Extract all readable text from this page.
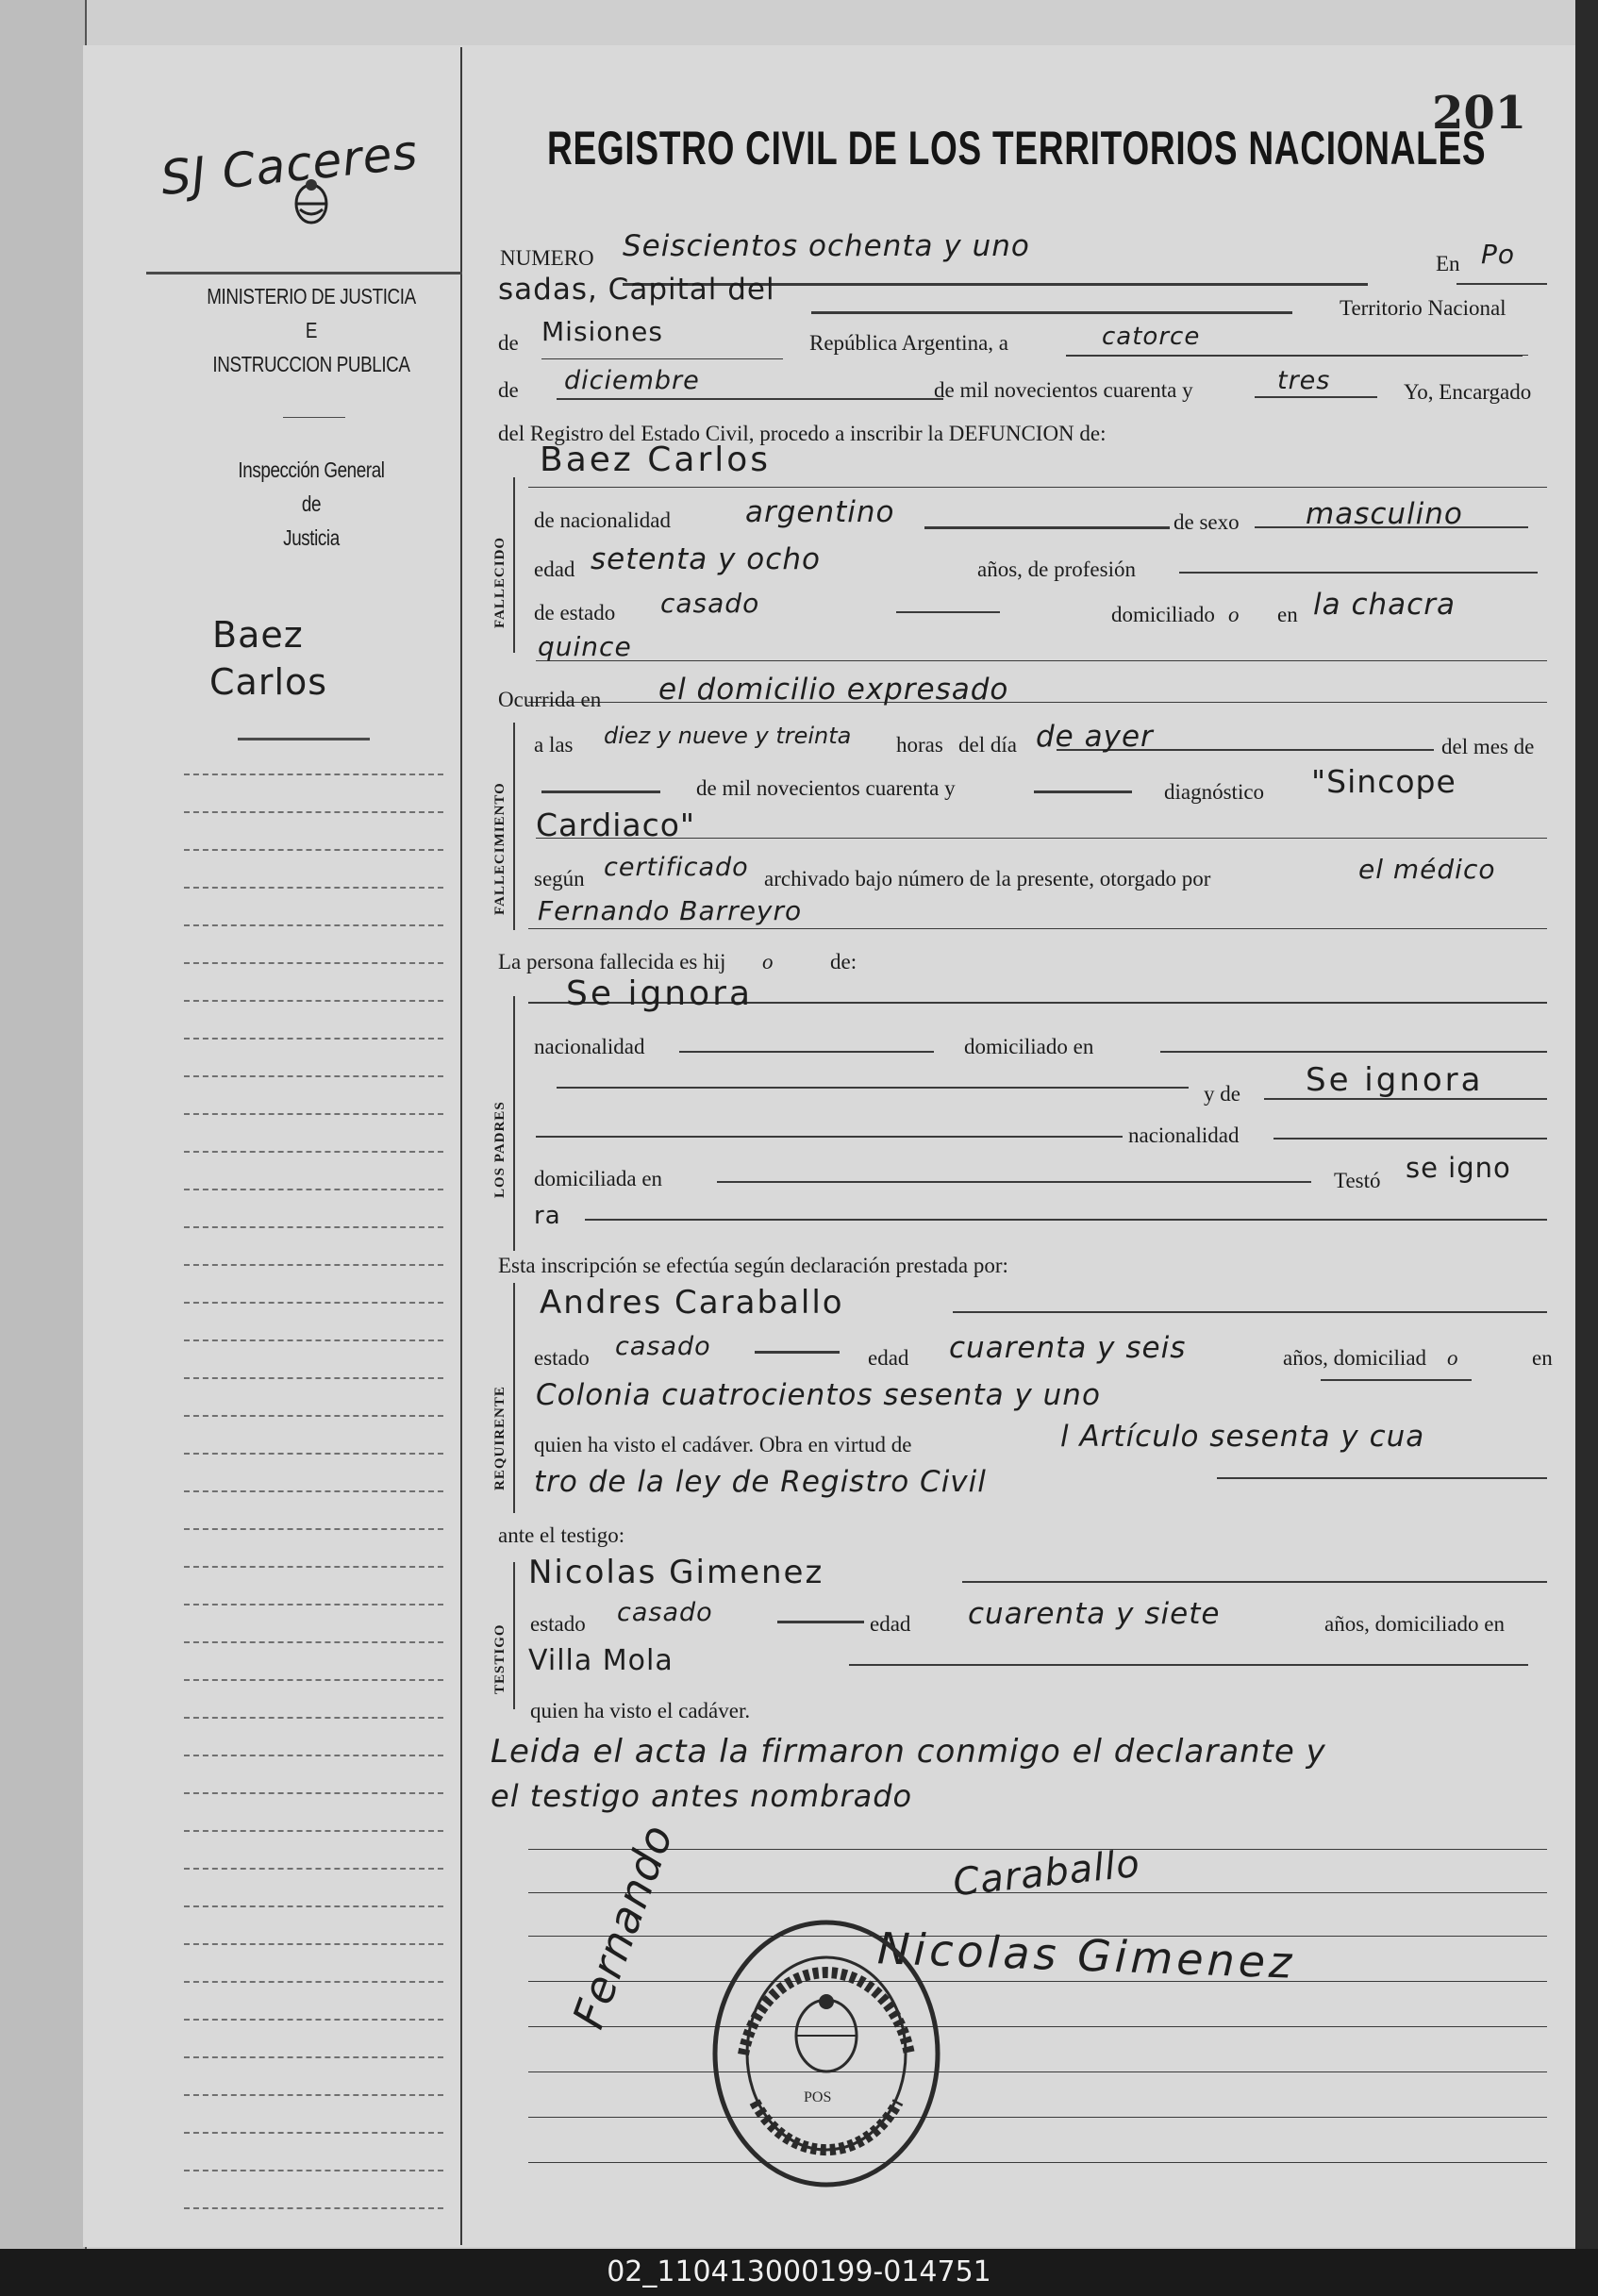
SJ Caceres
201
REGISTRO CIVIL DE LOS TERRITORIOS NACIONALES
MINISTERIO DE JUSTICIA
E
INSTRUCCION PUBLICA
Inspección General
de
Justicia
Baez
Carlos
FALLECIDO
FALLECIMIENTO
LOS PADRES
REQUIRENTE
TESTIGO
NUMERO Seiscientos ochenta y uno
En Po
sadas, Capital del
Territorio Nacional
de Misiones	República Argentina, a	catorce
de diciembre	de mil novecientos cuarenta y	tres	Yo, Encargado
del Registro del Estado Civil, procedo a inscribir la DEFUNCION de:
Baez Carlos
de nacionalidad	argentino	de sexo masculino
edad setenta y ocho	años, de profesión
de estado casado	domiciliado o en la chacra
quince
Ocurrida en el domicilio expresado
a las diez y nueve y treinta horas del día de ayer	del mes de
de mil novecientos cuarenta y	diagnóstico "Sincope
Cardiaco"
según certificado archivado bajo número de la presente, otorgado por	el médico
Fernando Barreyro
La persona fallecida es hij o	de:
Se ignora
nacionalidad	domiciliado en
y de Se ignora
nacionalidad
domiciliada en	Testó se igno
ra
Esta inscripción se efectúa según declaración prestada por:
Andres Caraballo
estado casado	edad cuarenta y seis	años, domiciliad o	en
Colonia cuatrocientos sesenta y uno
quien ha visto el cadáver. Obra en virtud de	l Artículo sesenta y cua
tro de la ley de Registro Civil
ante el testigo:
Nicolas Gimenez
estado casado	edad cuarenta y siete	años, domiciliado en
Villa Mola
quien ha visto el cadáver.
Leida el acta la firmaron conmigo el declarante y
el testigo antes nombrado
Caraballo
Nicolas Gimenez
Fernando
POS
02_110413000199-014751
